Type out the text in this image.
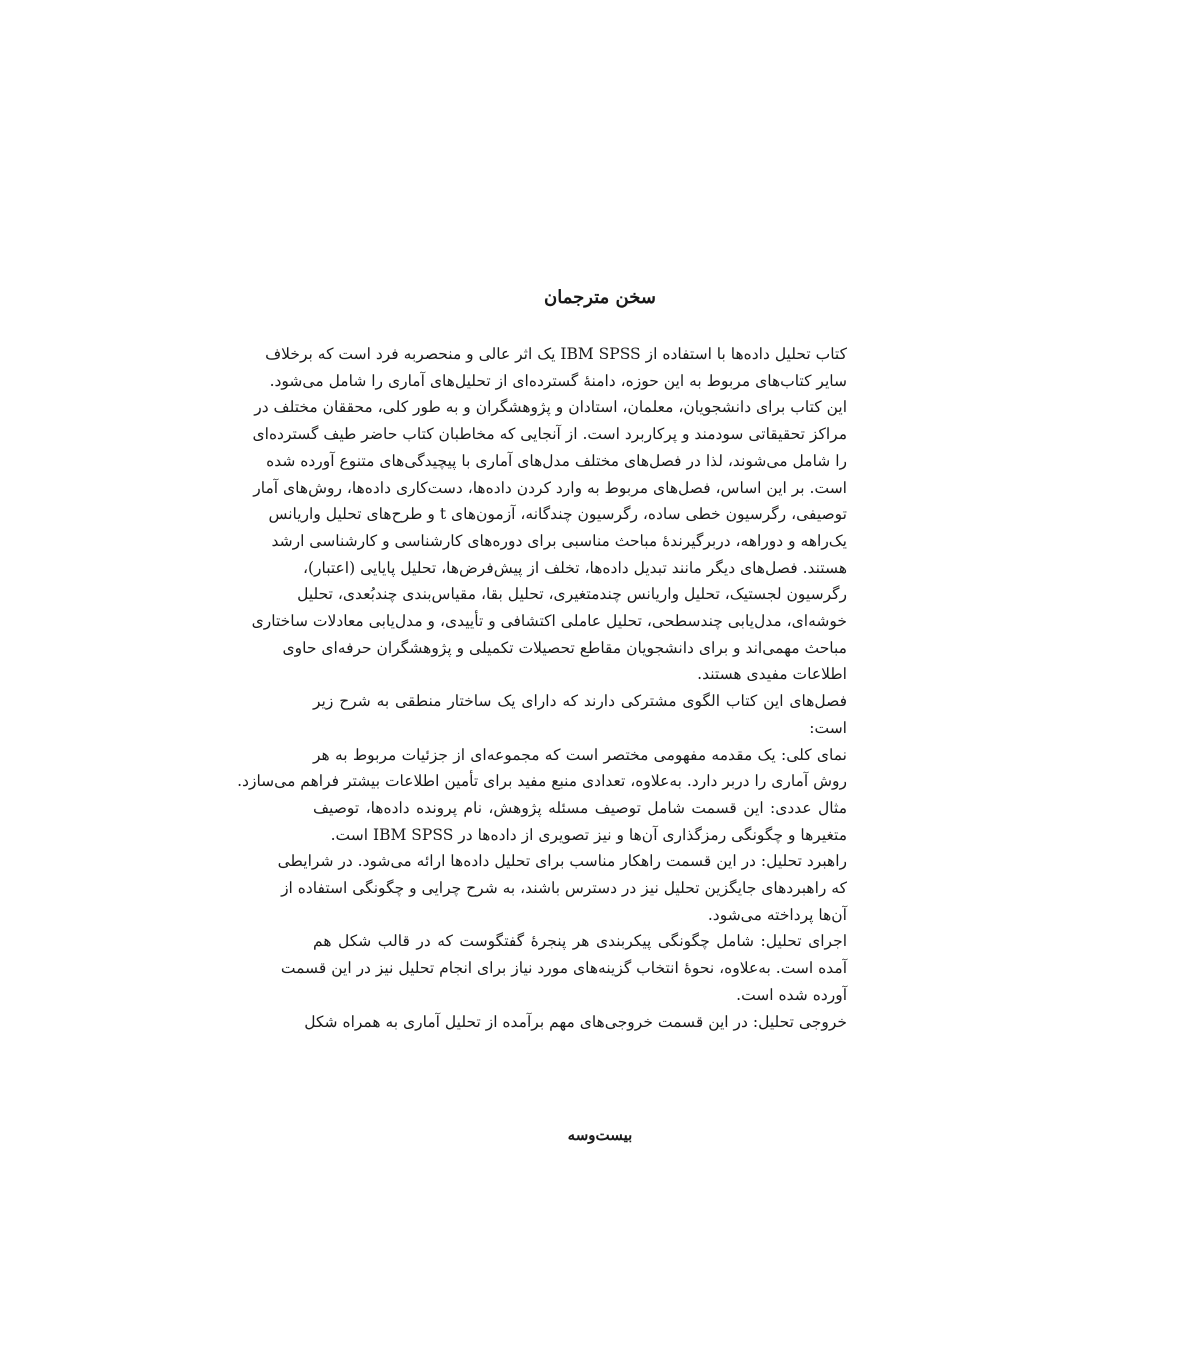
سخن مترجمان

کتاب تحلیل داده‌ها با استفاده از IBM SPSS یک اثر عالی و منحصربه فرد است که برخلاف
سایر کتاب‌های مربوط به این حوزه، دامنهٔ گسترده‌ای از تحلیل‌های آماری را شامل می‌شود.
این کتاب برای دانشجویان، معلمان، استادان و پژوهشگران و به طور کلی، محققان مختلف در
مراکز تحقیقاتی سودمند و پرکاربرد است. از آنجایی که مخاطبان کتاب حاضر طیف گسترده‌ای
را شامل می‌شوند، لذا در فصل‌های مختلف مدل‌های آماری با پیچیدگی‌های متنوع آورده شده
است. بر این اساس، فصل‌های مربوط به وارد کردن داده‌ها، دست‌کاری داده‌ها، روش‌های آمار
توصیفی، رگرسیون خطی ساده، رگرسیون چندگانه، آزمون‌های t و طرح‌های تحلیل واریانس
یک‌راهه و دوراهه، دربرگیرندهٔ مباحث مناسبی برای دوره‌های کارشناسی و کارشناسی ارشد
هستند. فصل‌های دیگر مانند تبدیل داده‌ها، تخلف از پیش‌فرض‌ها، تحلیل پایایی (اعتبار)،
رگرسیون لجستیک، تحلیل واریانس چندمتغیری، تحلیل بقا، مقیاس‌بندی چندبُعدی، تحلیل
خوشه‌ای، مدل‌یابی چندسطحی، تحلیل عاملی اکتشافی و تأییدی، و مدل‌یابی معادلات ساختاری
مباحث مهمی‌اند و برای دانشجویان مقاطع تحصیلات تکمیلی و پژوهشگران حرفه‌ای حاوی
اطلاعات مفیدی هستند.

فصل‌های این کتاب الگوی مشترکی دارند که دارای یک ساختار منطقی به شرح زیر
است:

نمای کلی: یک مقدمه مفهومی مختصر است که مجموعه‌ای از جزئیات مربوط به هر
روش آماری را دربر دارد. به‌علاوه، تعدادی منبع مفید برای تأمین اطلاعات بیشتر فراهم می‌سازد.

مثال عددی: این قسمت شامل توصیف مسئله پژوهش، نام پرونده داده‌ها، توصیف
متغیرها و چگونگی رمزگذاری آن‌ها و نیز تصویری از داده‌ها در IBM SPSS است.

راهبرد تحلیل: در این قسمت راهکار مناسب برای تحلیل داده‌ها ارائه می‌شود. در شرایطی
که راهبردهای جایگزین تحلیل نیز در دسترس باشند، به شرح چرایی و چگونگی استفاده از
آن‌ها پرداخته می‌شود.

اجرای تحلیل: شامل چگونگی پیکربندی هر پنجرهٔ گفتگوست که در قالب شکل هم
آمده است. به‌علاوه، نحوهٔ انتخاب گزینه‌های مورد نیاز برای انجام تحلیل نیز در این قسمت
آورده شده است.

خروجی تحلیل: در این قسمت خروجی‌های مهم برآمده از تحلیل آماری به همراه شکل

بیست‌وسه
